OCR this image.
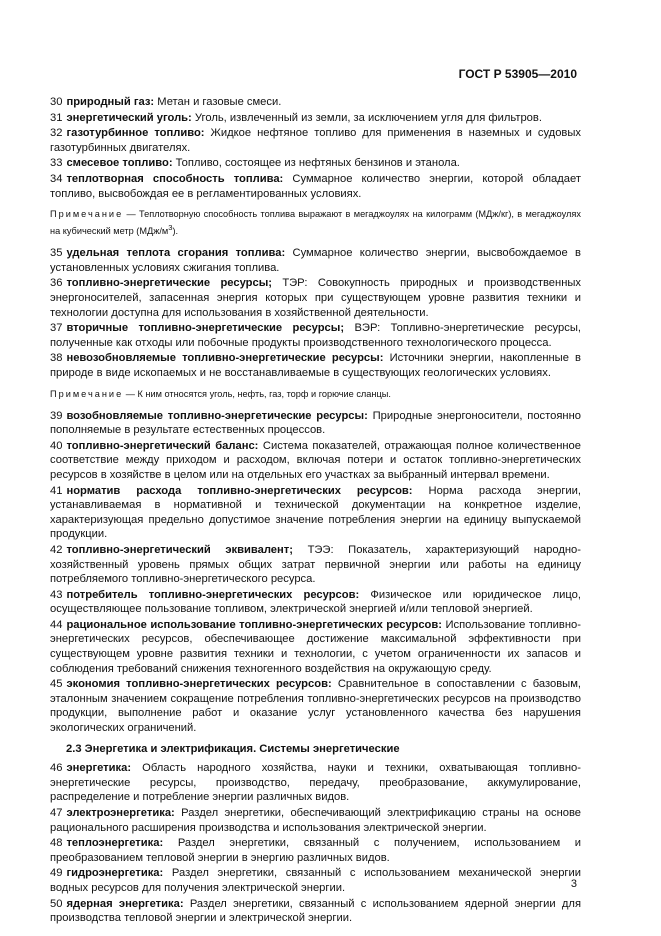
ГОСТ Р 53905—2010

30 природный газ: Метан и газовые смеси.

31 энергетический уголь: Уголь, извлеченный из земли, за исключением угля для фильтров.

32 газотурбинное топливо: Жидкое нефтяное топливо для применения в наземных и судовых газотурбинных двигателях.

33 смесевое топливо: Топливо, состоящее из нефтяных бензинов и этанола.

34 теплотворная способность топлива: Суммарное количество энергии, которой обладает топливо, высвобождая ее в регламентированных условиях.

Примечание — Теплотворную способность топлива выражают в мегаджоулях на килограмм (МДж/кг), в мегаджоулях на кубический метр $(МДж/м^3)$.

35 удельная теплота сгорания топлива: Суммарное количество энергии, высвобождаемое в установленных условиях сжигания топлива.

36 топливно-энергетические ресурсы; ТЭР: Совокупность природных и производственных энергоносителей, запасенная энергия которых при существующем уровне развития техники и технологии доступна для использования в хозяйственной деятельности.

37 вторичные топливно-энергетические ресурсы; ВЭР: Топливно-энергетические ресурсы, полученные как отходы или побочные продукты производственного технологического процесса.

38 невозобновляемые топливно-энергетические ресурсы: Источники энергии, накопленные в природе в виде ископаемых и не восстанавливаемые в существующих геологических условиях.

Примечание — К ним относятся уголь, нефть, газ, торф и горючие сланцы.

39 возобновляемые топливно-энергетические ресурсы: Природные энергоносители, постоянно пополняемые в результате естественных процессов.

40 топливно-энергетический баланс: Система показателей, отражающая полное количественное соответствие между приходом и расходом, включая потери и остаток топливно-энергетических ресурсов в хозяйстве в целом или на отдельных его участках за выбранный интервал времени.

41 норматив расхода топливно-энергетических ресурсов: Норма расхода энергии, устанавливаемая в нормативной и технической документации на конкретное изделие, характеризующая предельно допустимое значение потребления энергии на единицу выпускаемой продукции.

42 топливно-энергетический эквивалент; ТЭЭ: Показатель, характеризующий народно-хозяйственный уровень прямых общих затрат первичной энергии или работы на единицу потребляемого топливно-энергетического ресурса.

43 потребитель топливно-энергетических ресурсов: Физическое или юридическое лицо, осуществляющее пользование топливом, электрической энергией и/или тепловой энергией.

44 рациональное использование топливно-энергетических ресурсов: Использование топливно-энергетических ресурсов, обеспечивающее достижение максимальной эффективности при существующем уровне развития техники и технологии, с учетом ограниченности их запасов и соблюдения требований снижения техногенного воздействия на окружающую среду.

45 экономия топливно-энергетических ресурсов: Сравнительное в сопоставлении с базовым, эталонным значением сокращение потребления топливно-энергетических ресурсов на производство продукции, выполнение работ и оказание услуг установленного качества без нарушения экологических ограничений.

2.3 Энергетика и электрификация. Системы энергетические

46 энергетика: Область народного хозяйства, науки и техники, охватывающая топливно-энергетические ресурсы, производство, передачу, преобразование, аккумулирование, распределение и потребление энергии различных видов.

47 электроэнергетика: Раздел энергетики, обеспечивающий электрификацию страны на основе рационального расширения производства и использования электрической энергии.

48 теплоэнергетика: Раздел энергетики, связанный с получением, использованием и преобразованием тепловой энергии в энергию различных видов.

49 гидроэнергетика: Раздел энергетики, связанный с использованием механической энергии водных ресурсов для получения электрической энергии.

50 ядерная энергетика: Раздел энергетики, связанный с использованием ядерной энергии для производства тепловой энергии и электрической энергии.

3
